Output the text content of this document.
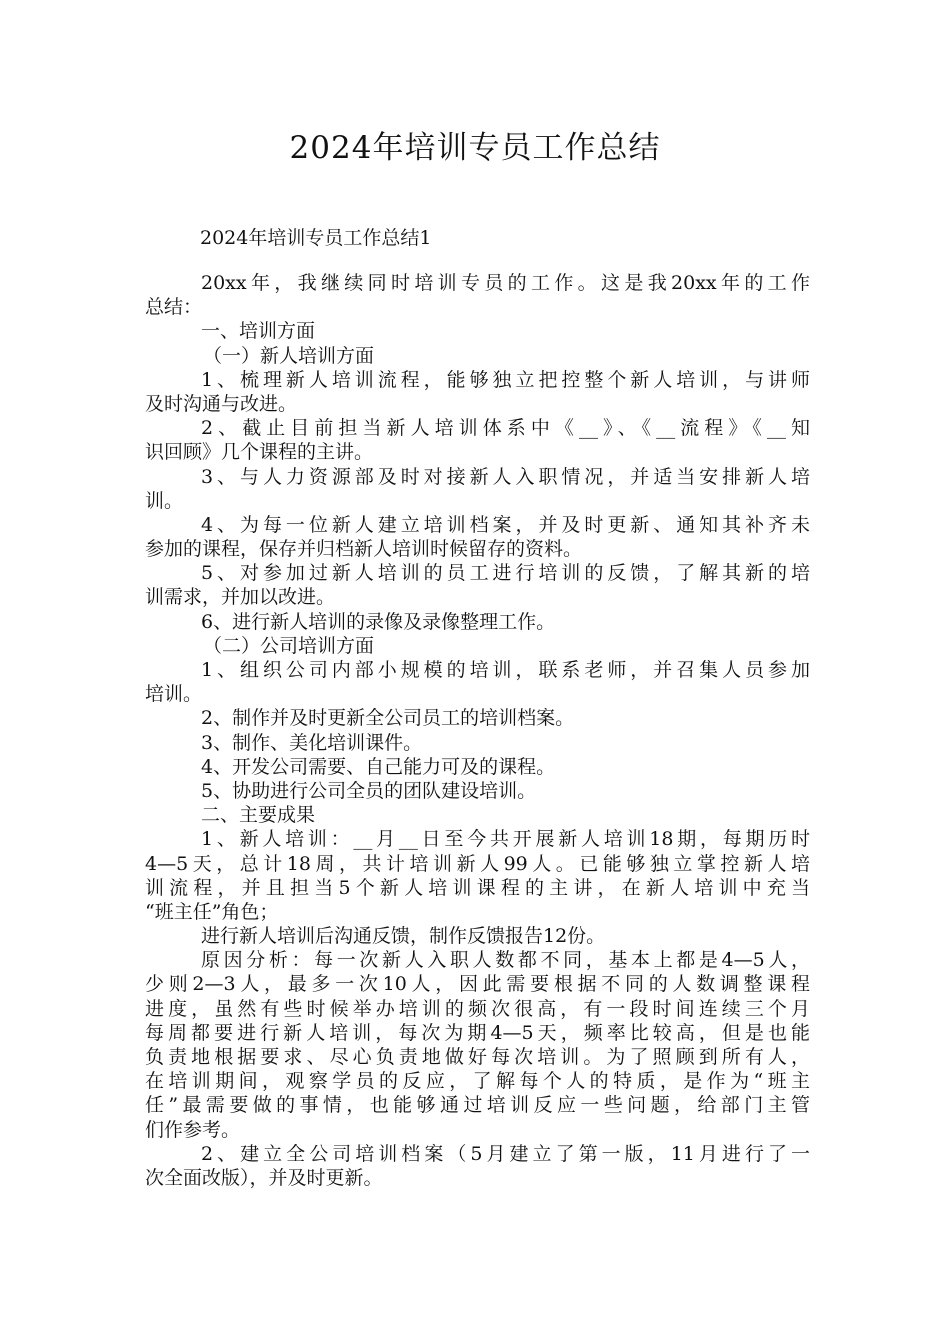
2024年培训专员工作总结
2024年培训专员工作总结1
20xx年，我继续同时培训专员的工作。这是我20xx年的工作
总结：
一、培训方面
（一）新人培训方面
1、梳理新人培训流程，能够独立把控整个新人培训，与讲师
及时沟通与改进。
2、截止目前担当新人培训体系中《__》、《__流程》《__知
识回顾》几个课程的主讲。
3、与人力资源部及时对接新人入职情况，并适当安排新人培
训。
4、为每一位新人建立培训档案，并及时更新、通知其补齐未
参加的课程，保存并归档新人培训时候留存的资料。
5、对参加过新人培训的员工进行培训的反馈，了解其新的培
训需求，并加以改进。
6、进行新人培训的录像及录像整理工作。
（二）公司培训方面
1、组织公司内部小规模的培训，联系老师，并召集人员参加
培训。
2、制作并及时更新全公司员工的培训档案。
3、制作、美化培训课件。
4、开发公司需要、自己能力可及的课程。
5、协助进行公司全员的团队建设培训。
二、主要成果
1、新人培训：__月__日至今共开展新人培训18期，每期历时
4—5天，总计18周，共计培训新人99人。已能够独立掌控新人培
训流程，并且担当5个新人培训课程的主讲，在新人培训中充当
“班主任”角色；
进行新人培训后沟通反馈，制作反馈报告12份。
原因分析：每一次新人入职人数都不同，基本上都是4—5人，
少则2—3人，最多一次10人，因此需要根据不同的人数调整课程
进度，虽然有些时候举办培训的频次很高，有一段时间连续三个月
每周都要进行新人培训，每次为期4—5天，频率比较高，但是也能
负责地根据要求、尽心负责地做好每次培训。为了照顾到所有人，
在培训期间，观察学员的反应，了解每个人的特质，是作为“班主
任”最需要做的事情，也能够通过培训反应一些问题，给部门主管
们作参考。
2、建立全公司培训档案（5月建立了第一版，11月进行了一
次全面改版），并及时更新。
